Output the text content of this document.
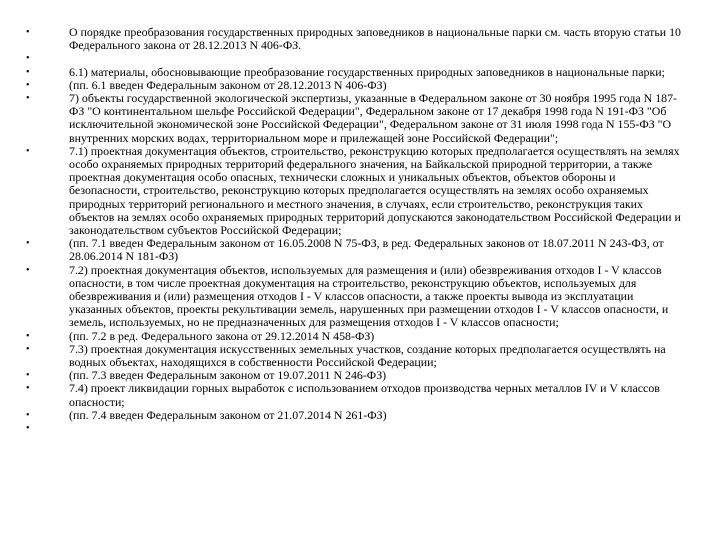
•	О порядке преобразования государственных природных заповедников в национальные парки см. часть вторую статьи 10 Федерального закона от 28.12.2013 N 406-ФЗ.
•
•	6.1) материалы, обосновывающие преобразование государственных природных заповедников в национальные парки;
•	(пп. 6.1 введен Федеральным законом от 28.12.2013 N 406-ФЗ)
•	7) объекты государственной экологической экспертизы, указанные в Федеральном законе от 30 ноября 1995 года N 187-ФЗ "О континентальном шельфе Российской Федерации", Федеральном законе от 17 декабря 1998 года N 191-ФЗ "Об исключительной экономической зоне Российской Федерации", Федеральном законе от 31 июля 1998 года N 155-ФЗ "О внутренних морских водах, территориальном море и прилежащей зоне Российской Федерации";
•	7.1) проектная документация объектов, строительство, реконструкцию которых предполагается осуществлять на землях особо охраняемых природных территорий федерального значения, на Байкальской природной территории, а также проектная документация особо опасных, технически сложных и уникальных объектов, объектов обороны и безопасности, строительство, реконструкцию которых предполагается осуществлять на землях особо охраняемых природных территорий регионального и местного значения, в случаях, если строительство, реконструкция таких объектов на землях особо охраняемых природных территорий допускаются законодательством Российской Федерации и законодательством субъектов Российской Федерации;
•	(пп. 7.1 введен Федеральным законом от 16.05.2008 N 75-ФЗ, в ред. Федеральных законов от 18.07.2011 N 243-ФЗ, от 28.06.2014 N 181-ФЗ)
•	7.2) проектная документация объектов, используемых для размещения и (или) обезвреживания отходов I - V классов опасности, в том числе проектная документация на строительство, реконструкцию объектов, используемых для обезвреживания и (или) размещения отходов I - V классов опасности, а также проекты вывода из эксплуатации указанных объектов, проекты рекультивации земель, нарушенных при размещении отходов I - V классов опасности, и земель, используемых, но не предназначенных для размещения отходов I - V классов опасности;
•	(пп. 7.2 в ред. Федерального закона от 29.12.2014 N 458-ФЗ)
•	7.3) проектная документация искусственных земельных участков, создание которых предполагается осуществлять на водных объектах, находящихся в собственности Российской Федерации;
•	(пп. 7.3 введен Федеральным законом от 19.07.2011 N 246-ФЗ)
•	7.4) проект ликвидации горных выработок с использованием отходов производства черных металлов IV и V классов опасности;
•	(пп. 7.4 введен Федеральным законом от 21.07.2014 N 261-ФЗ)
•
